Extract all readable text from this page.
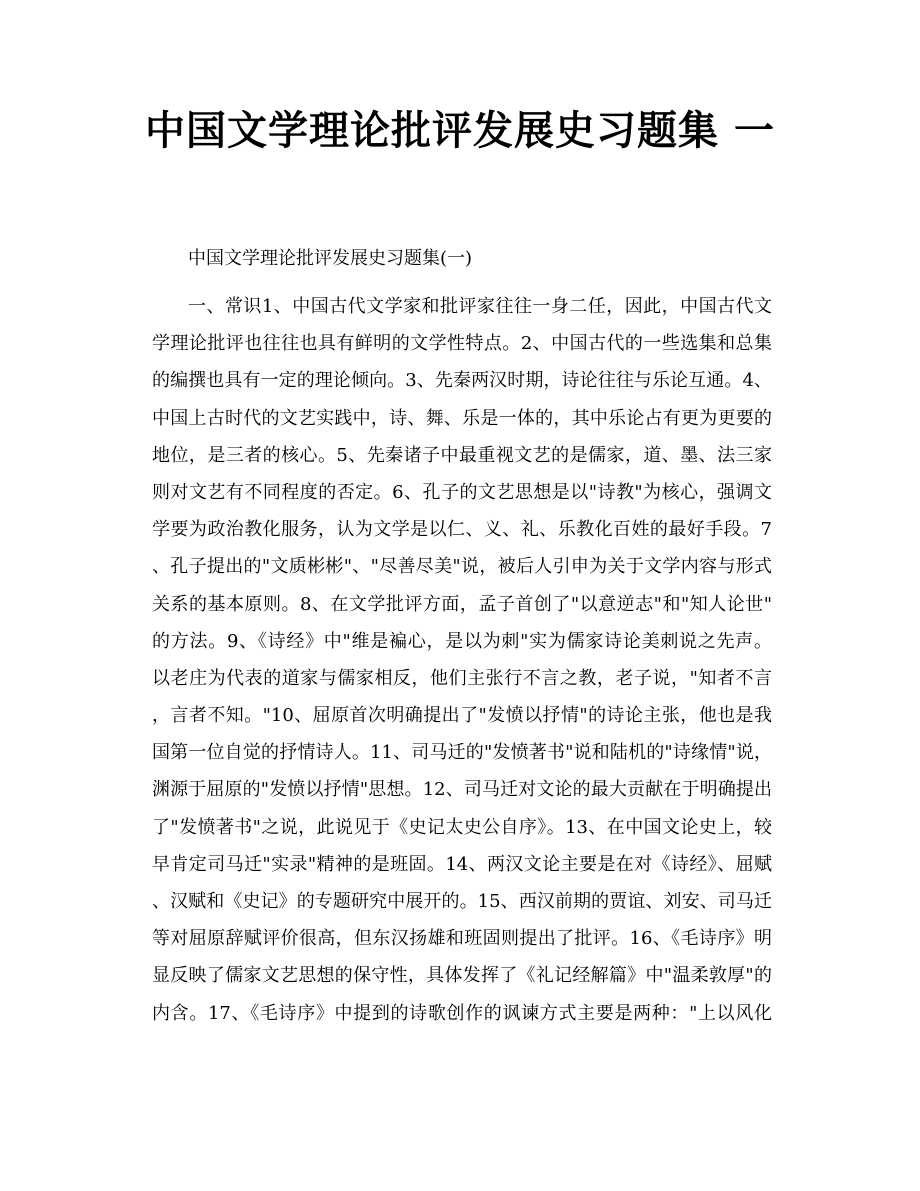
中国文学理论批评发展史习题集 一

中国文学理论批评发展史习题集(一)

一、常识1、中国古代文学家和批评家往往一身二任，因此，中国古代文
学理论批评也往往也具有鲜明的文学性特点。2、中国古代的一些选集和总集
的编撰也具有一定的理论倾向。3、先秦两汉时期，诗论往往与乐论互通。4、
中国上古时代的文艺实践中，诗、舞、乐是一体的，其中乐论占有更为更要的
地位，是三者的核心。5、先秦诸子中最重视文艺的是儒家，道、墨、法三家
则对文艺有不同程度的否定。6、孔子的文艺思想是以"诗教"为核心，强调文
学要为政治教化服务，认为文学是以仁、义、礼、乐教化百姓的最好手段。7
、孔子提出的"文质彬彬"、"尽善尽美"说，被后人引申为关于文学内容与形式
关系的基本原则。8、在文学批评方面，孟子首创了"以意逆志"和"知人论世"
的方法。9、《诗经》中"维是褊心，是以为刺"实为儒家诗论美刺说之先声。
以老庄为代表的道家与儒家相反，他们主张行不言之教，老子说，"知者不言
，言者不知。"10、屈原首次明确提出了"发愤以抒情"的诗论主张，他也是我
国第一位自觉的抒情诗人。11、司马迁的"发愤著书"说和陆机的"诗缘情"说，
渊源于屈原的"发愤以抒情"思想。12、司马迁对文论的最大贡献在于明确提出
了"发愤著书"之说，此说见于《史记太史公自序》。13、在中国文论史上，较
早肯定司马迁"实录"精神的是班固。14、两汉文论主要是在对《诗经》、屈赋
、汉赋和《史记》的专题研究中展开的。15、西汉前期的贾谊、刘安、司马迁
等对屈原辞赋评价很高，但东汉扬雄和班固则提出了批评。16、《毛诗序》明
显反映了儒家文艺思想的保守性，具体发挥了《礼记经解篇》中"温柔敦厚"的
内含。17、《毛诗序》中提到的诗歌创作的讽谏方式主要是两种："上以风化
